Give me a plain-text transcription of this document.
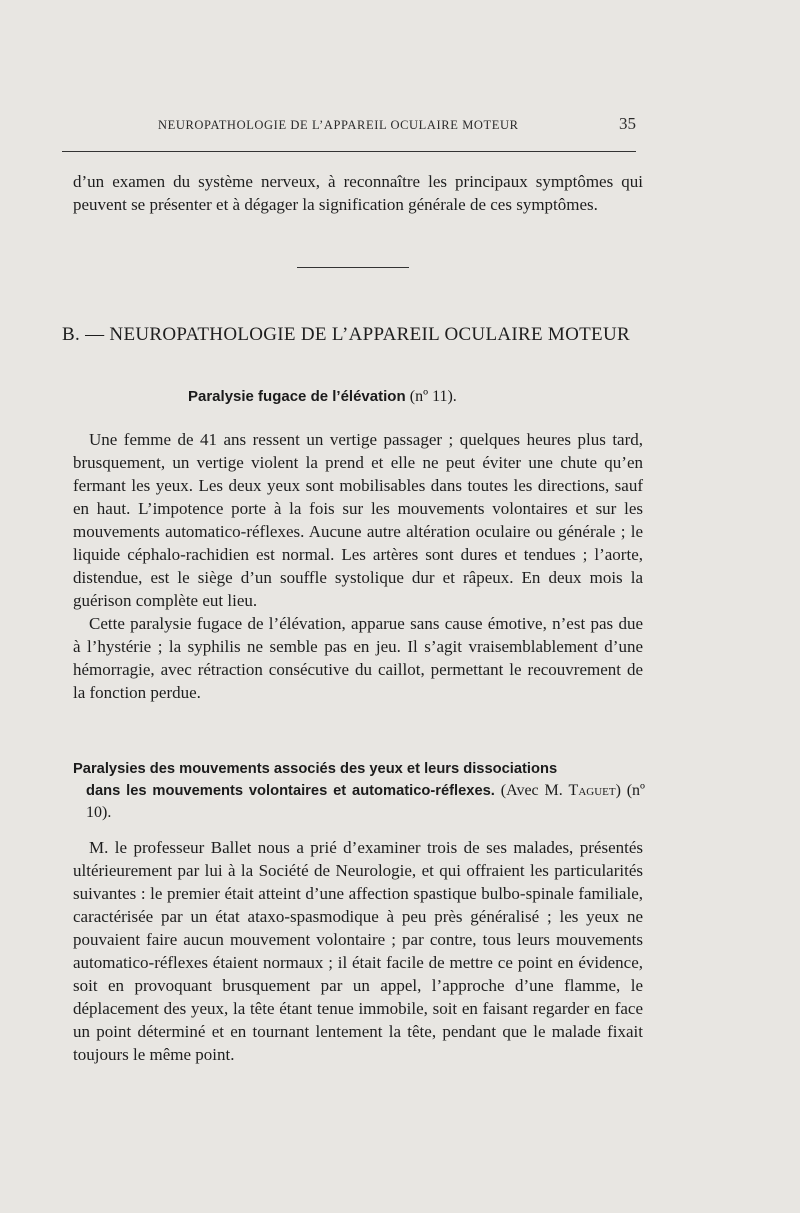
NEUROPATHOLOGIE DE L’APPAREIL OCULAIRE MOTEUR	35

d’un examen du système nerveux, à reconnaître les principaux symptômes qui peuvent se présenter et à dégager la signification générale de ces symptômes.

B. — NEUROPATHOLOGIE DE L’APPAREIL OCULAIRE MOTEUR
Paralysie fugace de l’élévation (nº 11).

Une femme de 41 ans ressent un vertige passager ; quelques heures plus tard, brusquement, un vertige violent la prend et elle ne peut éviter une chute qu’en fermant les yeux. Les deux yeux sont mobilisables dans toutes les directions, sauf en haut. L’impotence porte à la fois sur les mouvements volontaires et sur les mouvements automatico-réflexes. Aucune autre altération oculaire ou générale ; le liquide céphalo-rachidien est normal. Les artères sont dures et tendues ; l’aorte, distendue, est le siège d’un souffle systolique dur et râpeux. En deux mois la guérison complète eut lieu.

Cette paralysie fugace de l’élévation, apparue sans cause émotive, n’est pas due à l’hystérie ; la syphilis ne semble pas en jeu. Il s’agit vraisemblablement d’une hémorragie, avec rétraction consécutive du caillot, permettant le recouvrement de la fonction perdue.

Paralysies des mouvements associés des yeux et leurs dissociations
dans les mouvements volontaires et automatico-réflexes. (Avec M. Taguet) (nº 10).

M. le professeur Ballet nous a prié d’examiner trois de ses malades, présentés ultérieurement par lui à la Société de Neurologie, et qui offraient les particularités suivantes : le premier était atteint d’une affection spastique bulbo-spinale familiale, caractérisée par un état ataxo-spasmodique à peu près généralisé ; les yeux ne pouvaient faire aucun mouvement volontaire ; par contre, tous leurs mouvements automatico-réflexes étaient normaux ; il était facile de mettre ce point en évidence, soit en provoquant brusquement par un appel, l’approche d’une flamme, le déplacement des yeux, la tête étant tenue immobile, soit en faisant regarder en face un point déterminé et en tournant lentement la tête, pendant que le malade fixait toujours le même point.
